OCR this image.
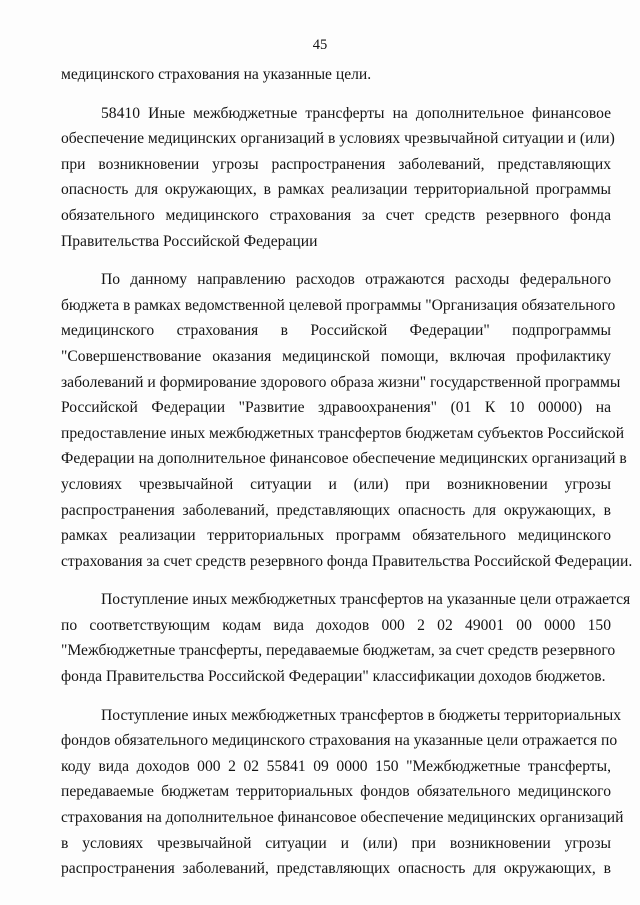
45
медицинского страхования на указанные цели.
58410 Иные межбюджетные трансферты на дополнительное финансовое
обеспечение медицинских организаций в условиях чрезвычайной ситуации и (или)
при возникновении угрозы распространения заболеваний, представляющих
опасность для окружающих, в рамках реализации территориальной программы
обязательного медицинского страхования за счет средств резервного фонда
Правительства Российской Федерации
По данному направлению расходов отражаются расходы федерального
бюджета в рамках ведомственной целевой программы "Организация обязательного
медицинского страхования в Российской Федерации" подпрограммы
"Совершенствование оказания медицинской помощи, включая профилактику
заболеваний и формирование здорового образа жизни" государственной программы
Российской Федерации "Развитие здравоохранения" (01 К 10 00000) на
предоставление иных межбюджетных трансфертов бюджетам субъектов Российской
Федерации на дополнительное финансовое обеспечение медицинских организаций в
условиях чрезвычайной ситуации и (или) при возникновении угрозы
распространения заболеваний, представляющих опасность для окружающих, в
рамках реализации территориальных программ обязательного медицинского
страхования за счет средств резервного фонда Правительства Российской Федерации.
Поступление иных межбюджетных трансфертов на указанные цели отражается
по соответствующим кодам вида доходов 000 2 02 49001 00 0000 150
"Межбюджетные трансферты, передаваемые бюджетам, за счет средств резервного
фонда Правительства Российской Федерации" классификации доходов бюджетов.
Поступление иных межбюджетных трансфертов в бюджеты территориальных
фондов обязательного медицинского страхования на указанные цели отражается по
коду вида доходов 000 2 02 55841 09 0000 150 "Межбюджетные трансферты,
передаваемые бюджетам территориальных фондов обязательного медицинского
страхования на дополнительное финансовое обеспечение медицинских организаций
в условиях чрезвычайной ситуации и (или) при возникновении угрозы
распространения заболеваний, представляющих опасность для окружающих, в
